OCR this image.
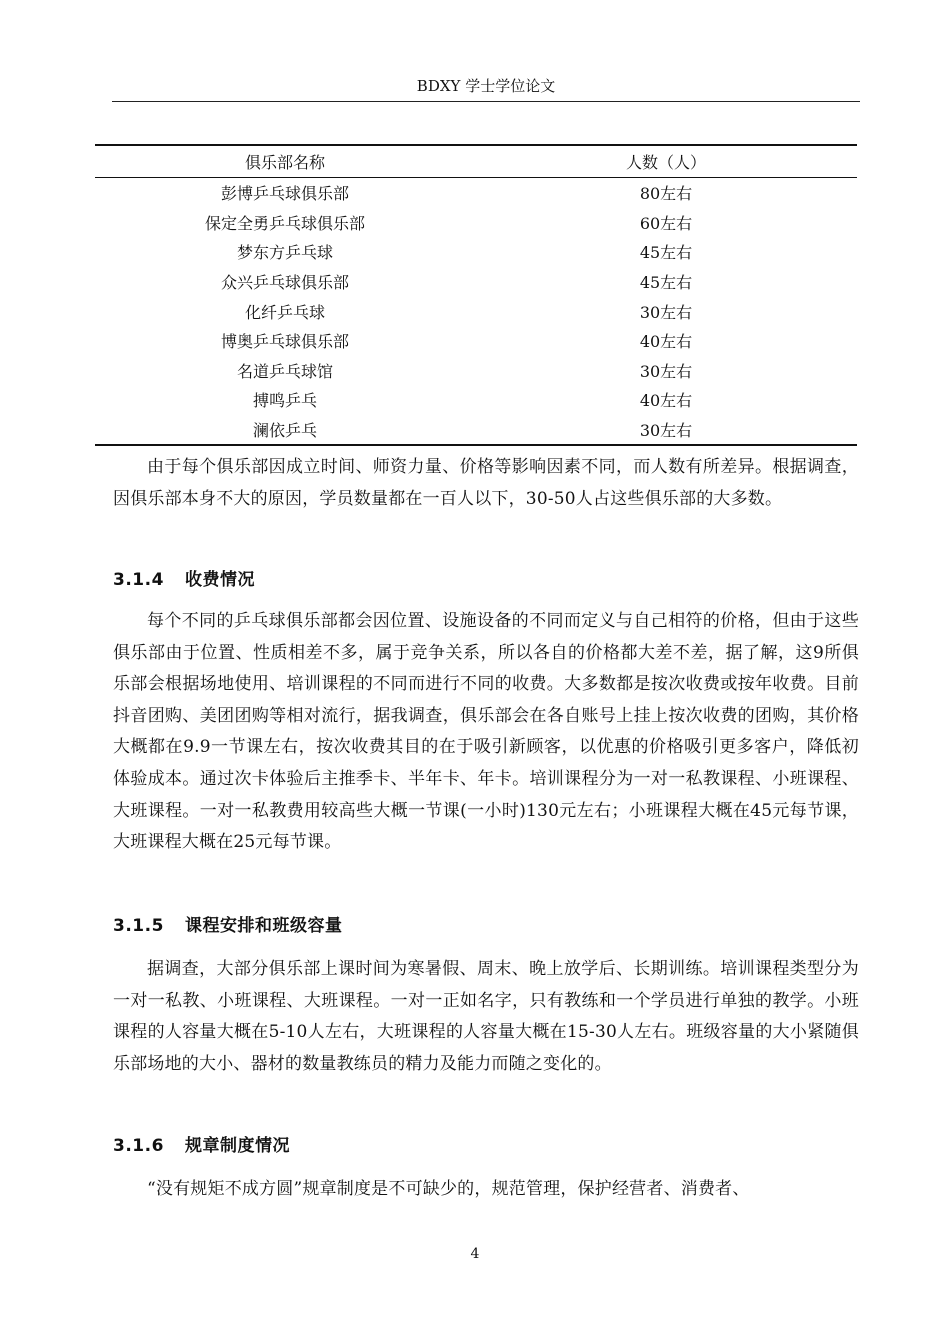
BDXY 学士学位论文
俱乐部名称	人数（人）
彭博乒乓球俱乐部	80左右
保定全勇乒乓球俱乐部	60左右
梦东方乒乓球	45左右
众兴乒乓球俱乐部	45左右
化纤乒乓球	30左右
博奥乒乓球俱乐部	40左右
名道乒乓球馆	30左右
搏鸣乒乓	40左右
澜依乒乓	30左右

由于每个俱乐部因成立时间、师资力量、价格等影响因素不同，而人数有所差异。根据调查，因俱乐部本身不大的原因，学员数量都在一百人以下，30-50人占这些俱乐部的大多数。

3.1.4 收费情况

每个不同的乒乓球俱乐部都会因位置、设施设备的不同而定义与自己相符的价格，但由于这些俱乐部由于位置、性质相差不多，属于竞争关系，所以各自的价格都大差不差，据了解，这9所俱乐部会根据场地使用、培训课程的不同而进行不同的收费。大多数都是按次收费或按年收费。目前抖音团购、美团团购等相对流行，据我调查，俱乐部会在各自账号上挂上按次收费的团购，其价格大概都在9.9一节课左右，按次收费其目的在于吸引新顾客，以优惠的价格吸引更多客户，降低初体验成本。通过次卡体验后主推季卡、半年卡、年卡。培训课程分为一对一私教课程、小班课程、大班课程。一对一私教费用较高些大概一节课(一小时)130元左右；小班课程大概在45元每节课，大班课程大概在25元每节课。

3.1.5 课程安排和班级容量

据调查，大部分俱乐部上课时间为寒暑假、周末、晚上放学后、长期训练。培训课程类型分为一对一私教、小班课程、大班课程。一对一正如名字，只有教练和一个学员进行单独的教学。小班课程的人容量大概在5-10人左右，大班课程的人容量大概在15-30人左右。班级容量的大小紧随俱乐部场地的大小、器材的数量教练员的精力及能力而随之变化的。

3.1.6 规章制度情况

“没有规矩不成方圆”规章制度是不可缺少的，规范管理，保护经营者、消费者、

4
